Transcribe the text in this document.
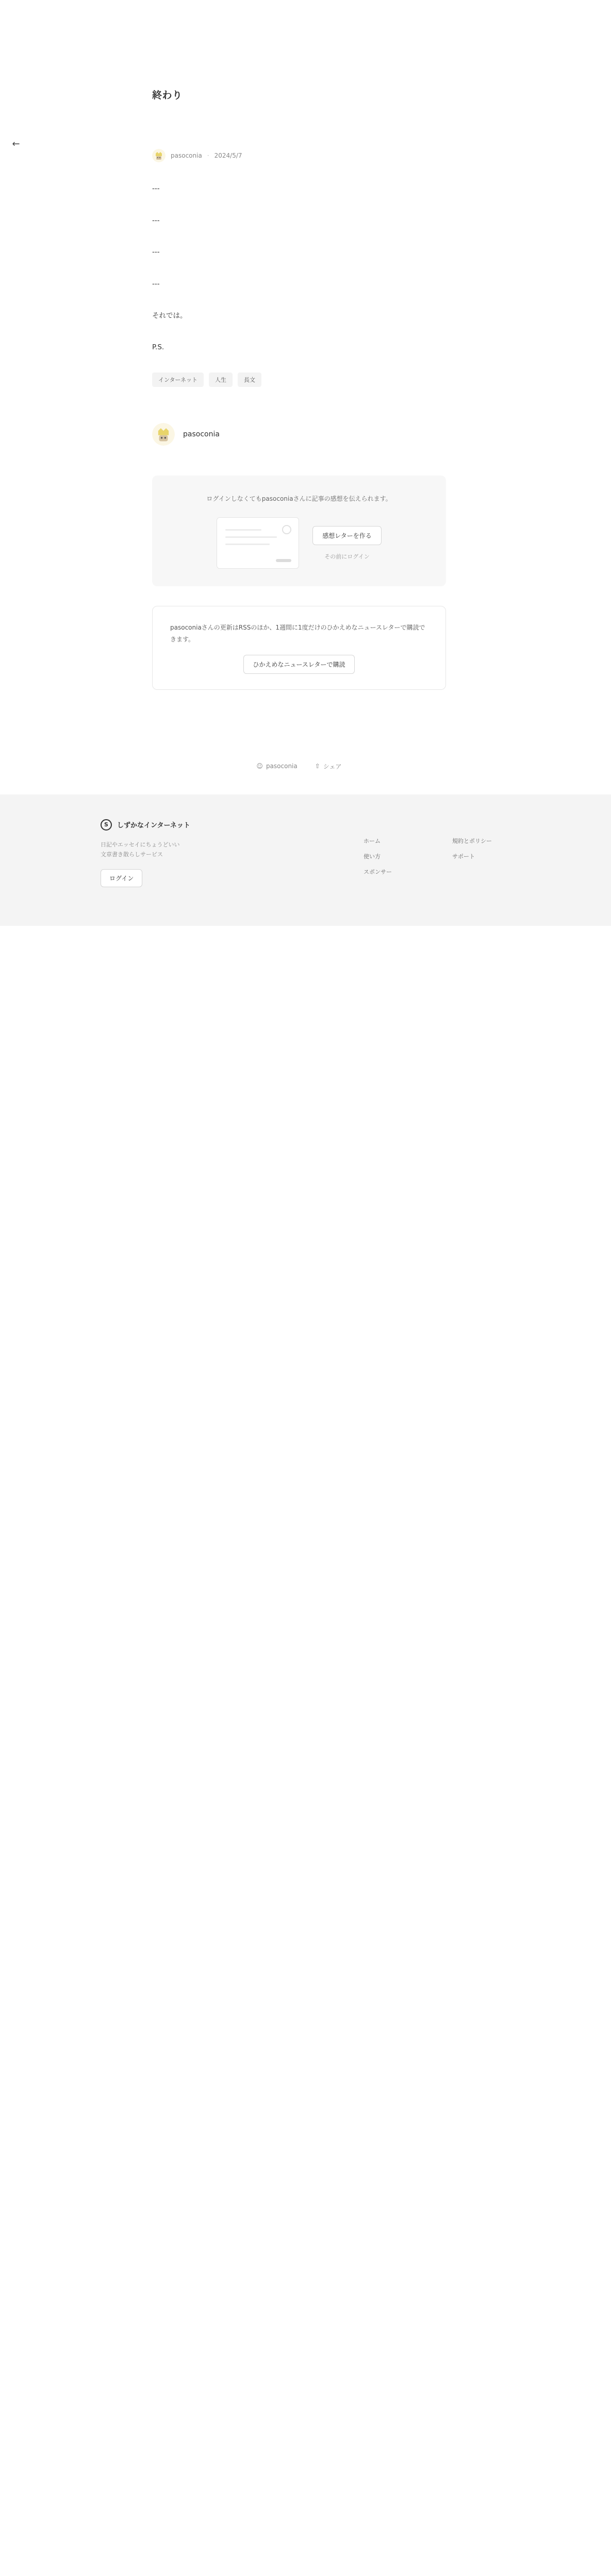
←
終わり
pasoconia · 2024/5/7

---

---

---

---

それでは。

P.S.

インターネット	人生	長文
pasoconia

ログインしなくてもpasoconiaさんに記事の感想を伝えられます。

感想レターを作る
その前にログイン

pasoconiaさんの更新はRSSのほか、1週間に1度だけのひかえめなニュースレターで購読できます。

ひかえめなニュースレターで購読
☺ pasoconia	⇧ シェア
S	しずかなインターネット

日記やエッセイにちょうどいい
文章書き散らしサービス

ログイン
ホーム
使い方
スポンサー
規約とポリシー
サポート
